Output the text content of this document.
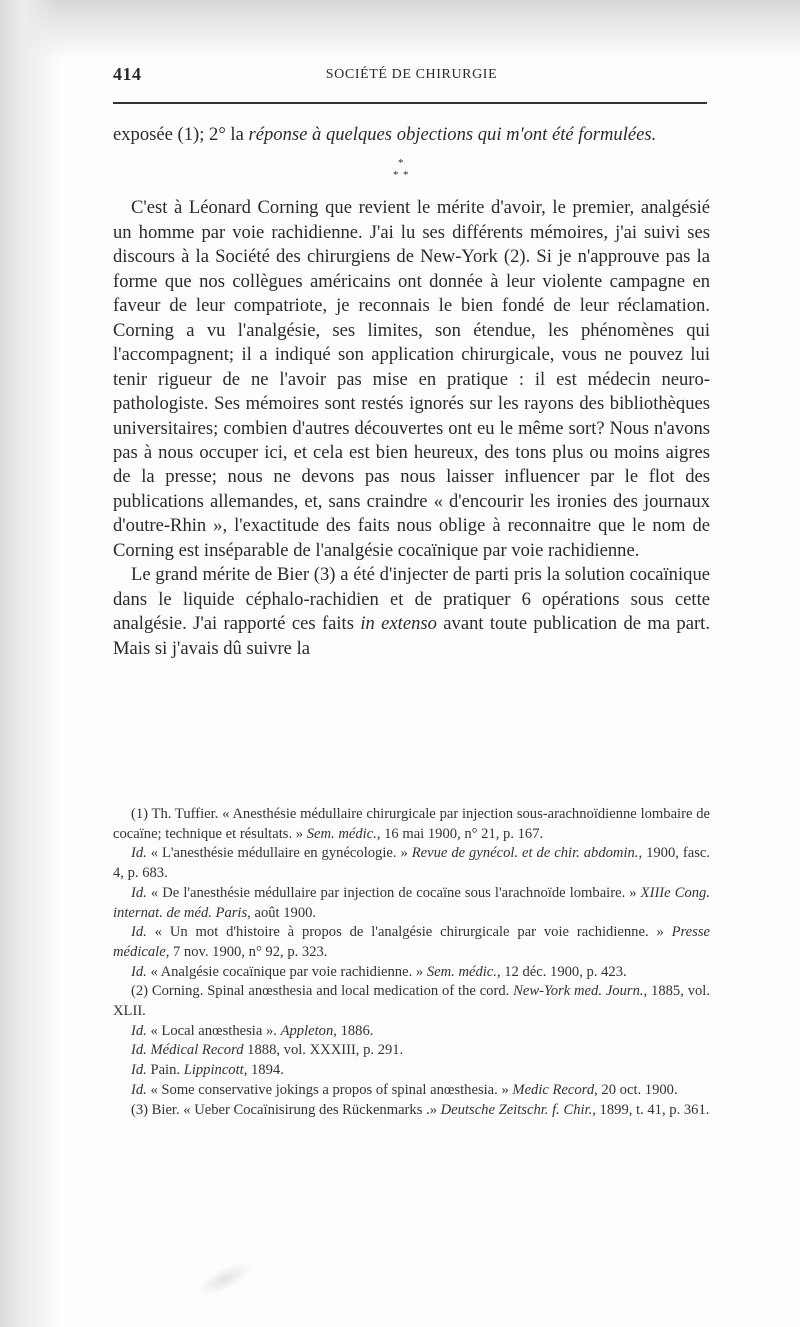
414	SOCIÉTÉ DE CHIRURGIE

exposée (1); 2° la réponse à quelques objections qui m'ont été formulées.

*
* *

C'est à Léonard Corning que revient le mérite d'avoir, le premier, analgésié un homme par voie rachidienne. J'ai lu ses différents mémoires, j'ai suivi ses discours à la Société des chirurgiens de New-York (2). Si je n'approuve pas la forme que nos collègues américains ont donnée à leur violente campagne en faveur de leur compatriote, je reconnais le bien fondé de leur réclamation. Corning a vu l'analgésie, ses limites, son étendue, les phénomènes qui l'accompagnent; il a indiqué son application chirurgicale, vous ne pouvez lui tenir rigueur de ne l'avoir pas mise en pratique : il est médecin neuro-pathologiste. Ses mémoires sont restés ignorés sur les rayons des bibliothèques universitaires; combien d'autres découvertes ont eu le même sort? Nous n'avons pas à nous occuper ici, et cela est bien heureux, des tons plus ou moins aigres de la presse; nous ne devons pas nous laisser influencer par le flot des publications allemandes, et, sans craindre « d'encourir les ironies des journaux d'outre-Rhin », l'exactitude des faits nous oblige à reconnaitre que le nom de Corning est inséparable de l'analgésie cocaïnique par voie rachidienne.

Le grand mérite de Bier (3) a été d'injecter de parti pris la solution cocaïnique dans le liquide céphalo-rachidien et de pratiquer 6 opérations sous cette analgésie. J'ai rapporté ces faits in extenso avant toute publication de ma part. Mais si j'avais dû suivre la

(1) Th. Tuffier. « Anesthésie médullaire chirurgicale par injection sous-arachnoïdienne lombaire de cocaïne; technique et résultats. » Sem. médic., 16 mai 1900, n° 21, p. 167.

Id. « L'anesthésie médullaire en gynécologie. » Revue de gynécol. et de chir. abdomin., 1900, fasc. 4, p. 683.

Id. « De l'anesthésie médullaire par injection de cocaïne sous l'arachnoïde lombaire. » XIIIe Cong. internat. de méd. Paris, août 1900.

Id. « Un mot d'histoire à propos de l'analgésie chirurgicale par voie rachidienne. » Presse médicale, 7 nov. 1900, n° 92, p. 323.

Id. « Analgésie cocaïnique par voie rachidienne. » Sem. médic., 12 déc. 1900, p. 423.

(2) Corning. Spinal anœsthesia and local medication of the cord. New-York med. Journ., 1885, vol. XLII.

Id. « Local anœsthesia ». Appleton, 1886.

Id. Médical Record 1888, vol. XXXIII, p. 291.

Id. Pain. Lippincott, 1894.

Id. « Some conservative jokings a propos of spinal anœsthesia. » Medic Record, 20 oct. 1900.

(3) Bier. « Ueber Cocaïnisirung des Rückenmarks .» Deutsche Zeitschr. f. Chir., 1899, t. 41, p. 361.
